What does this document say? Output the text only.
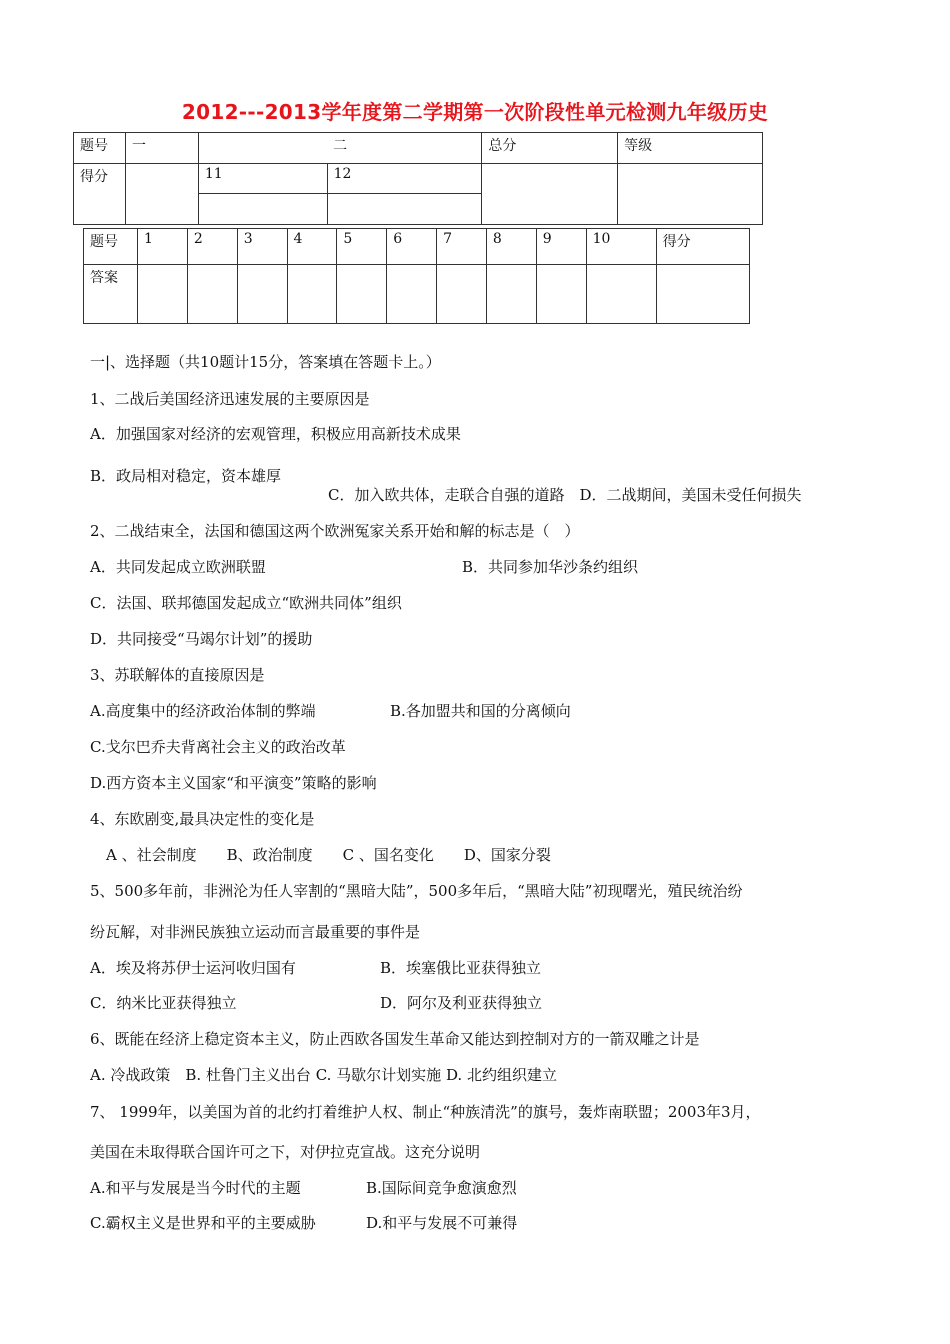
2012---2013学年度第二学期第一次阶段性单元检测九年级历史
题号	一	二		总分	等级
得分		11	12		

题号	1	2	3	4	5	6	7	8	9	10	得分
答案											
一|、选择题（共10题计15分，答案填在答题卡上。）
1、二战后美国经济迅速发展的主要原因是
A．加强国家对经济的宏观管理，积极应用高新技术成果
B．政局相对稳定，资本雄厚
C．加入欧共体，走联合自强的道路　D．二战期间，美国未受任何损失
2、二战结束全，法国和德国这两个欧洲冤家关系开始和解的标志是（　）
A．共同发起成立欧洲联盟	B．共同参加华沙条约组织
C．法国、联邦德国发起成立“欧洲共同体”组织
D．共同接受“马竭尔计划”的援助
3、苏联解体的直接原因是
A.高度集中的经济政治体制的弊端	B.各加盟共和国的分离倾向
C.戈尔巴乔夫背离社会主义的政治改革
D.西方资本主义国家“和平演变”策略的影响
4、东欧剧变,最具决定性的变化是
A 、社会制度　　B、政治制度　　C 、国名变化　　D、国家分裂
5、500多年前，非洲沦为任人宰割的“黑暗大陆”，500多年后，“黑暗大陆”初现曙光，殖民统治纷
纷瓦解，对非洲民族独立运动而言最重要的事件是
A．埃及将苏伊士运河收归国有	B．埃塞俄比亚获得独立
C．纳米比亚获得独立	D．阿尔及利亚获得独立
6、既能在经济上稳定资本主义，防止西欧各国发生革命又能达到控制对方的一箭双雕之计是
A. 冷战政策　B. 杜鲁门主义出台 C. 马歇尔计划实施 D. 北约组织建立
7、 1999年，以美国为首的北约打着维护人权、制止“种族清洗”的旗号，轰炸南联盟；2003年3月，
美国在未取得联合国许可之下，对伊拉克宣战。这充分说明
A.和平与发展是当今时代的主题	B.国际间竞争愈演愈烈
C.霸权主义是世界和平的主要威胁	D.和平与发展不可兼得
